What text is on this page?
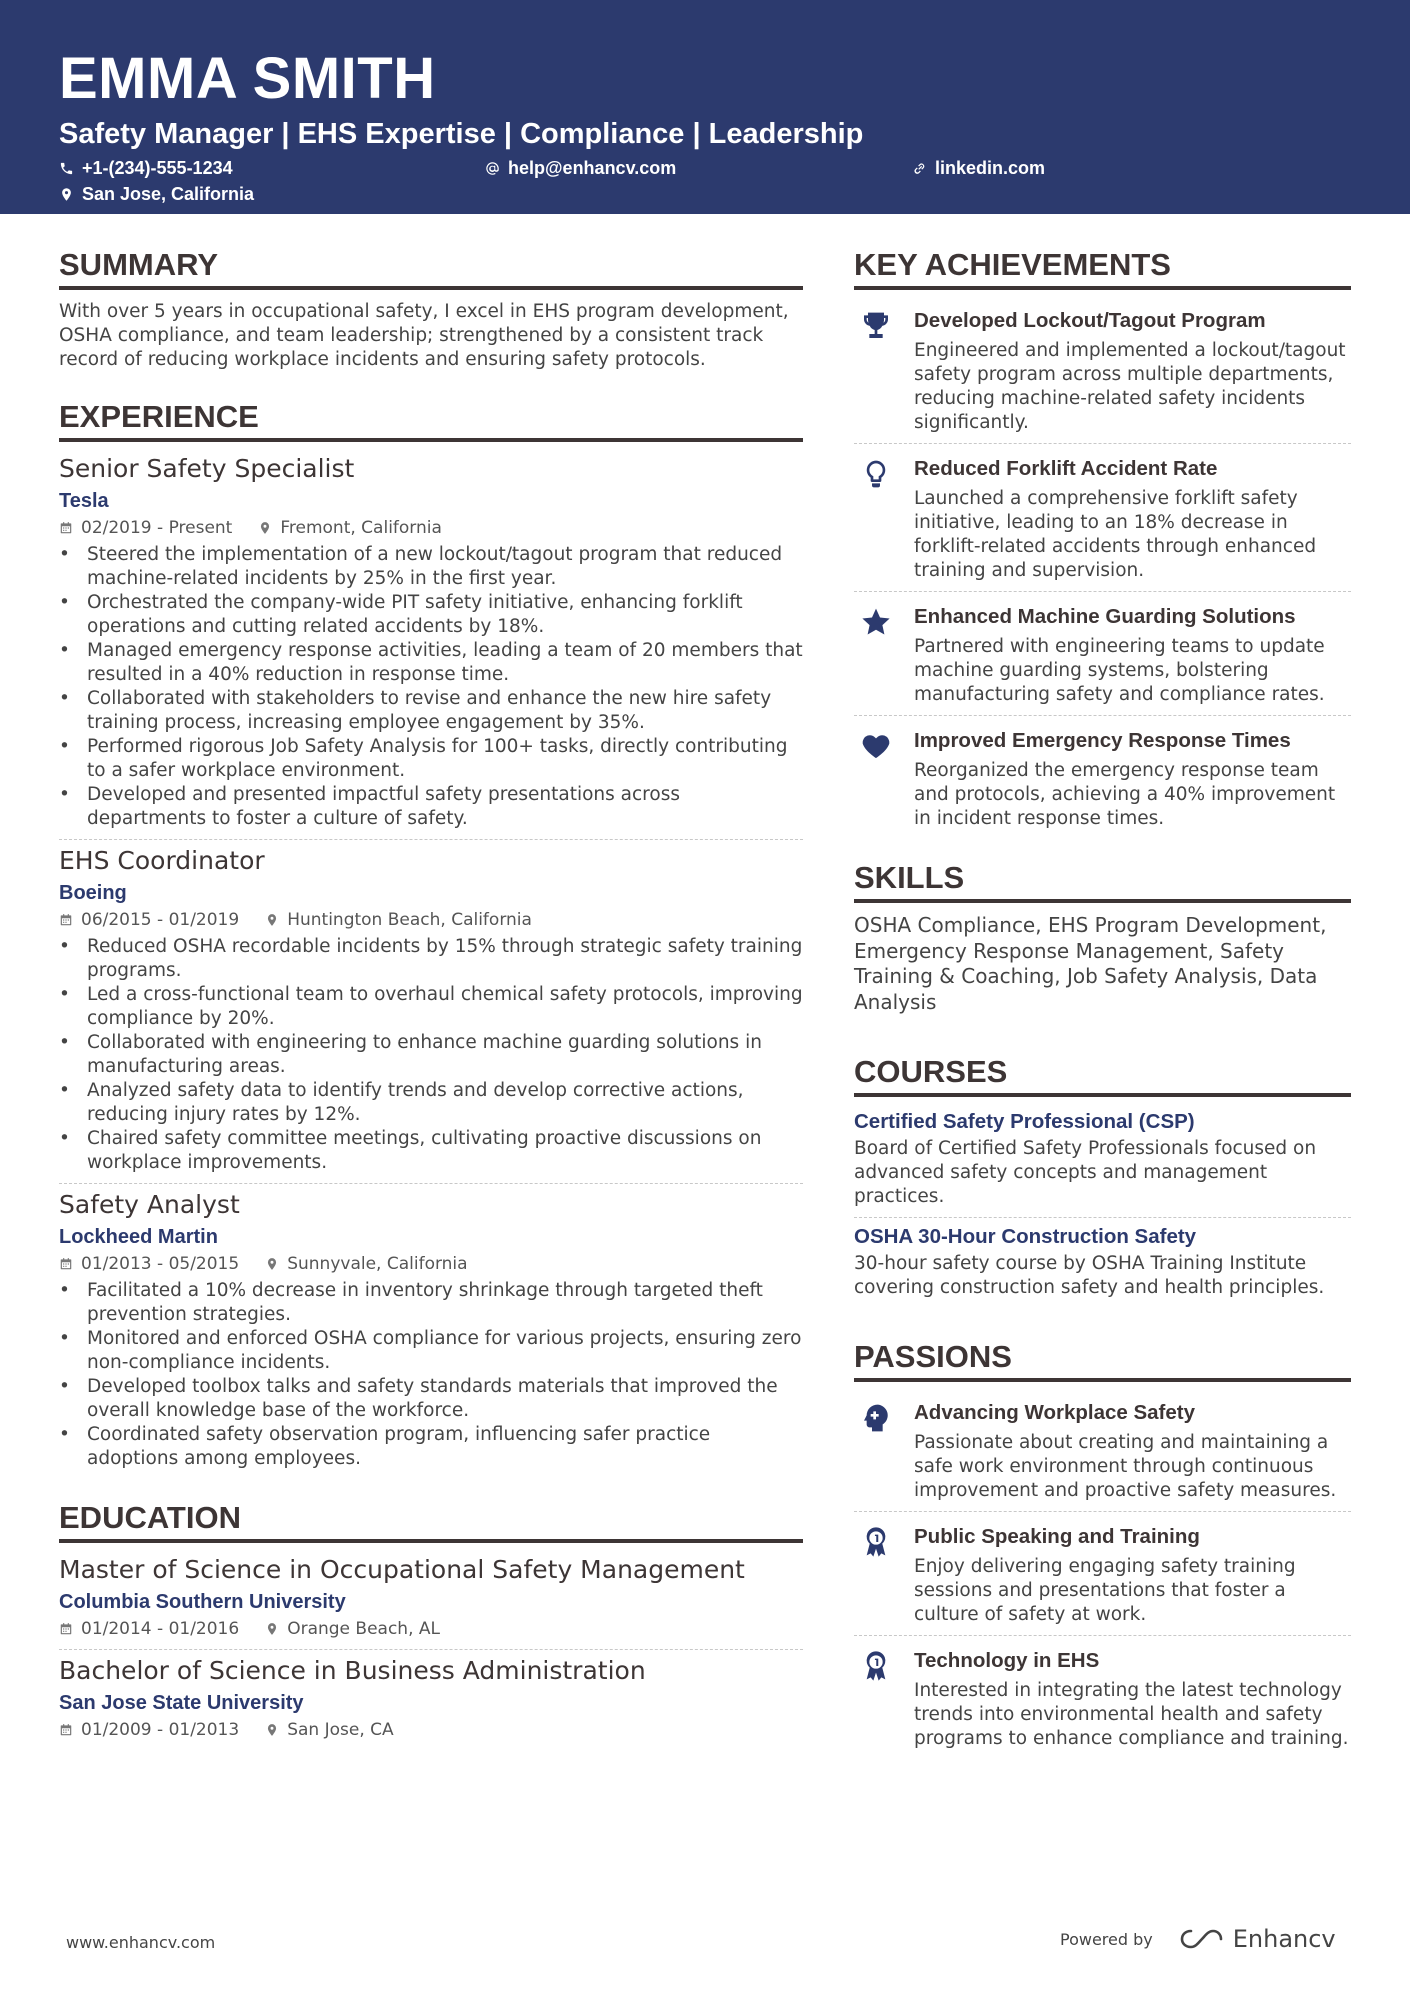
EMMA SMITH
Safety Manager | EHS Expertise | Compliance | Leadership
+1-(234)-555-1234	help@enhancv.com	linkedin.com
San Jose, California
SUMMARY
With over 5 years in occupational safety, I excel in EHS program development, OSHA compliance, and team leadership; strengthened by a consistent track record of reducing workplace incidents and ensuring safety protocols.
EXPERIENCE
Senior Safety Specialist
Tesla
02/2019 - Present	Fremont, California
• Steered the implementation of a new lockout/tagout program that reduced machine-related incidents by 25% in the first year.
• Orchestrated the company-wide PIT safety initiative, enhancing forklift operations and cutting related accidents by 18%.
• Managed emergency response activities, leading a team of 20 members that resulted in a 40% reduction in response time.
• Collaborated with stakeholders to revise and enhance the new hire safety training process, increasing employee engagement by 35%.
• Performed rigorous Job Safety Analysis for 100+ tasks, directly contributing to a safer workplace environment.
• Developed and presented impactful safety presentations across departments to foster a culture of safety.
EHS Coordinator
Boeing
06/2015 - 01/2019	Huntington Beach, California
• Reduced OSHA recordable incidents by 15% through strategic safety training programs.
• Led a cross-functional team to overhaul chemical safety protocols, improving compliance by 20%.
• Collaborated with engineering to enhance machine guarding solutions in manufacturing areas.
• Analyzed safety data to identify trends and develop corrective actions, reducing injury rates by 12%.
• Chaired safety committee meetings, cultivating proactive discussions on workplace improvements.
Safety Analyst
Lockheed Martin
01/2013 - 05/2015	Sunnyvale, California
• Facilitated a 10% decrease in inventory shrinkage through targeted theft prevention strategies.
• Monitored and enforced OSHA compliance for various projects, ensuring zero non-compliance incidents.
• Developed toolbox talks and safety standards materials that improved the overall knowledge base of the workforce.
• Coordinated safety observation program, influencing safer practice adoptions among employees.
EDUCATION
Master of Science in Occupational Safety Management
Columbia Southern University
01/2014 - 01/2016	Orange Beach, AL
Bachelor of Science in Business Administration
San Jose State University
01/2009 - 01/2013	San Jose, CA
KEY ACHIEVEMENTS
Developed Lockout/Tagout Program
Engineered and implemented a lockout/tagout safety program across multiple departments, reducing machine-related safety incidents significantly.
Reduced Forklift Accident Rate
Launched a comprehensive forklift safety initiative, leading to an 18% decrease in forklift-related accidents through enhanced training and supervision.
Enhanced Machine Guarding Solutions
Partnered with engineering teams to update machine guarding systems, bolstering manufacturing safety and compliance rates.
Improved Emergency Response Times
Reorganized the emergency response team and protocols, achieving a 40% improvement in incident response times.
SKILLS
OSHA Compliance, EHS Program Development, Emergency Response Management, Safety Training & Coaching, Job Safety Analysis, Data Analysis
COURSES
Certified Safety Professional (CSP)
Board of Certified Safety Professionals focused on advanced safety concepts and management practices.
OSHA 30-Hour Construction Safety
30-hour safety course by OSHA Training Institute covering construction safety and health principles.
PASSIONS
Advancing Workplace Safety
Passionate about creating and maintaining a safe work environment through continuous improvement and proactive safety measures.
Public Speaking and Training
Enjoy delivering engaging safety training sessions and presentations that foster a culture of safety at work.
Technology in EHS
Interested in integrating the latest technology trends into environmental health and safety programs to enhance compliance and training.
www.enhancv.com	Powered by	Enhancv
